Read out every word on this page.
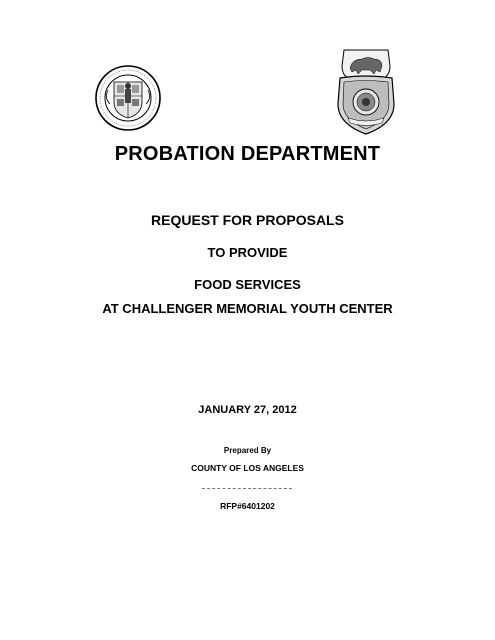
PROBATION DEPARTMENT
REQUEST FOR PROPOSALS
TO PROVIDE
FOOD SERVICES
AT CHALLENGER MEMORIAL YOUTH CENTER
JANUARY 27, 2012
Prepared By
COUNTY OF LOS ANGELES
RFP#6401202
